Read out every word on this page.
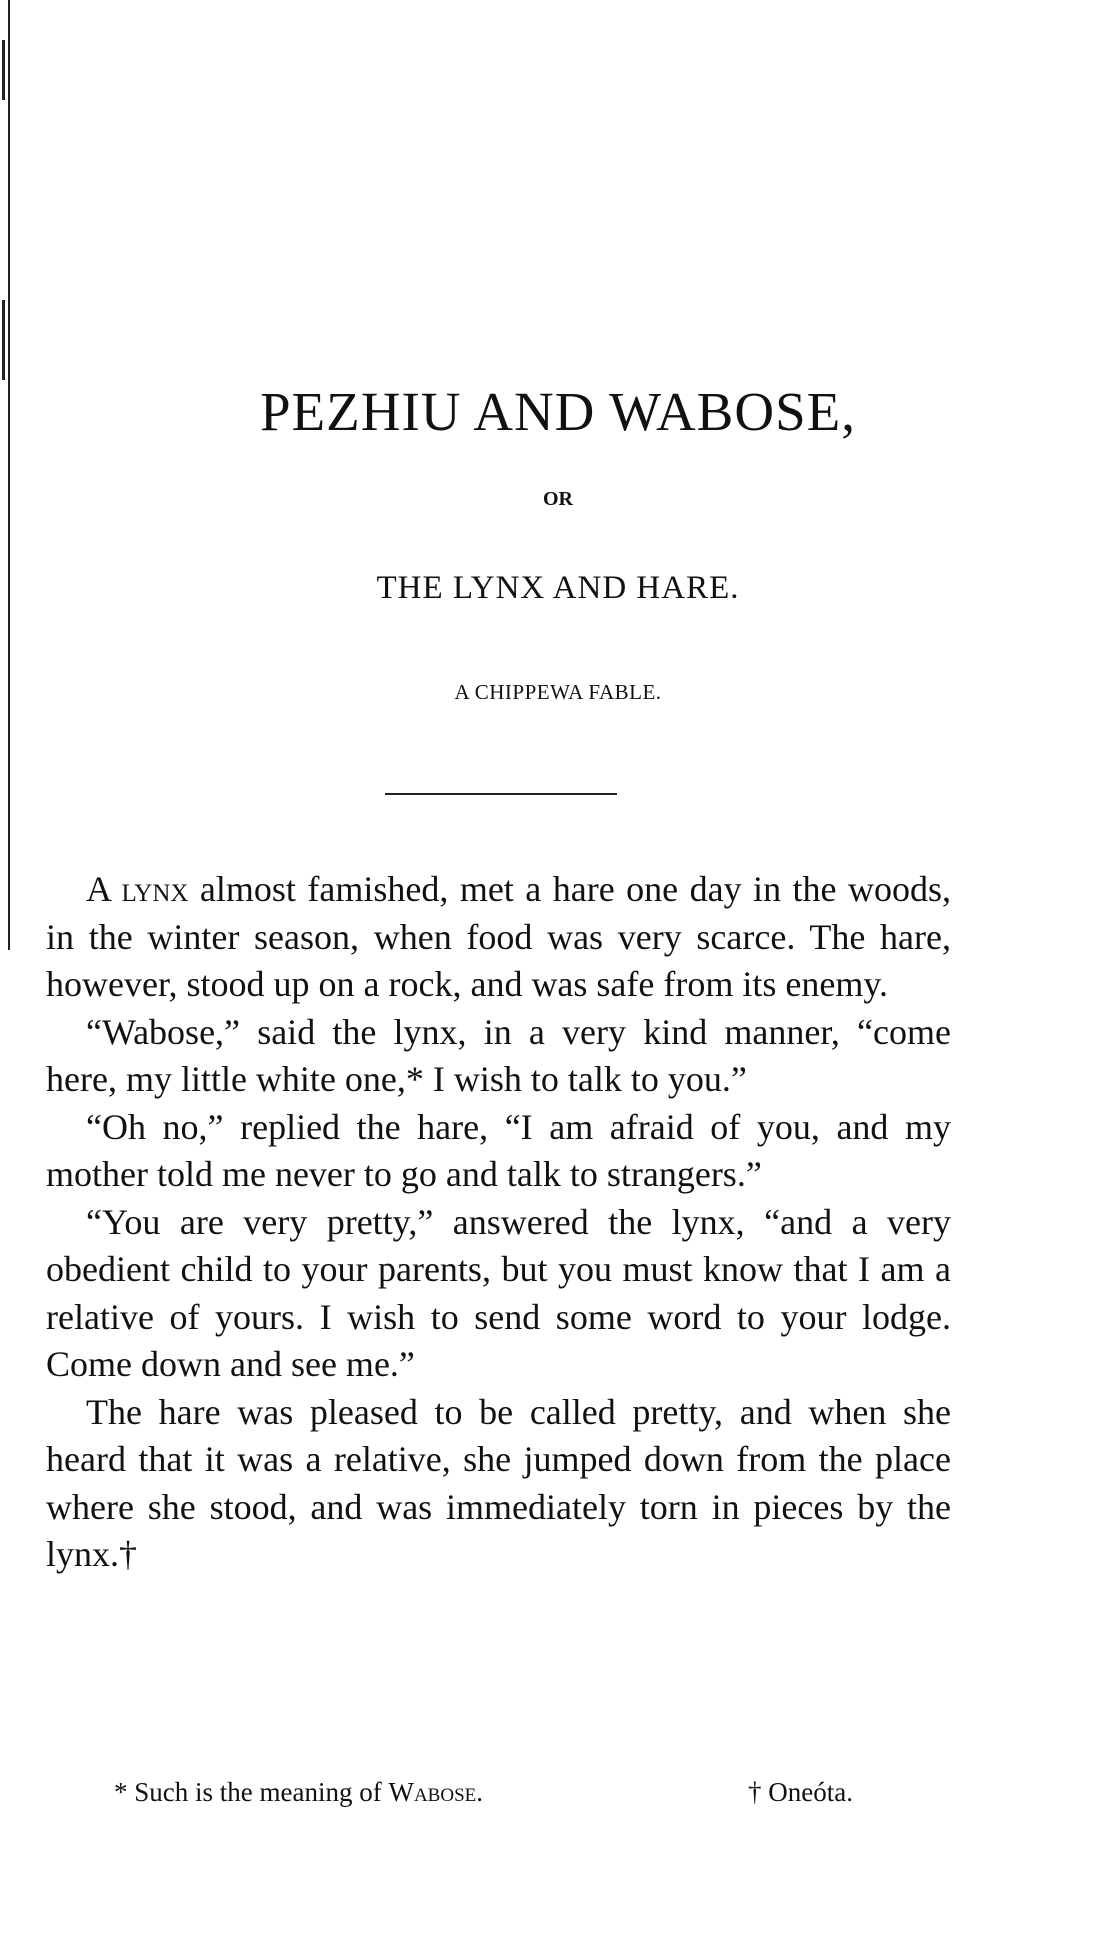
PEZHIU AND WABOSE,
OR
THE LYNX AND HARE.
A CHIPPEWA FABLE.

A lynx almost famished, met a hare one day in the woods, in the winter season, when food was very scarce. The hare, however, stood up on a rock, and was safe from its enemy.

“Wabose,” said the lynx, in a very kind manner, “come here, my little white one,* I wish to talk to you.”

“Oh no,” replied the hare, “I am afraid of you, and my mother told me never to go and talk to strangers.”

“You are very pretty,” answered the lynx, “and a very obedient child to your parents, but you must know that I am a relative of yours. I wish to send some word to your lodge. Come down and see me.”

The hare was pleased to be called pretty, and when she heard that it was a relative, she jumped down from the place where she stood, and was immediately torn in pieces by the lynx.†

* Such is the meaning of Wabose.	† Oneóta.
